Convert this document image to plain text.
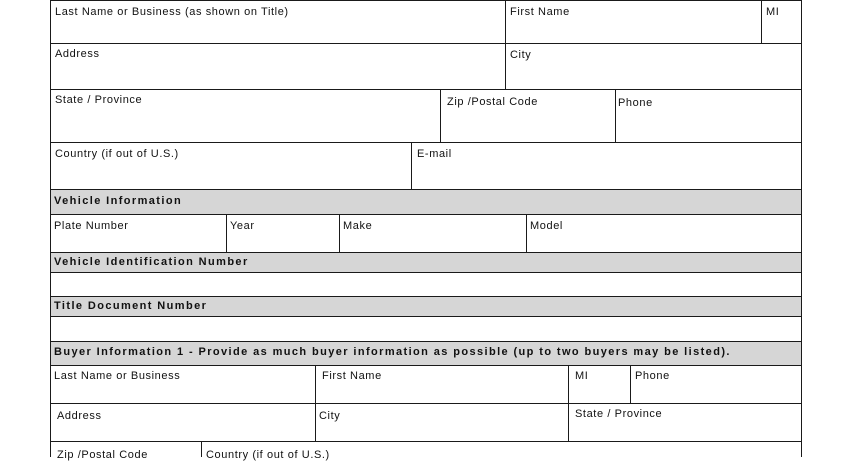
Last Name or Business (as shown on Title)	First Name	MI
Address	City
State / Province	Zip /Postal Code	Phone
Country (if out of U.S.)	E-mail
Vehicle Information
Plate Number	Year	Make	Model
Vehicle Identification Number
Title Document Number
Buyer Information 1 - Provide as much buyer information as possible (up to two buyers may be listed).
Last Name or Business	First Name	MI	Phone
Address	City	State / Province
Zip /Postal Code	Country (if out of U.S.)
